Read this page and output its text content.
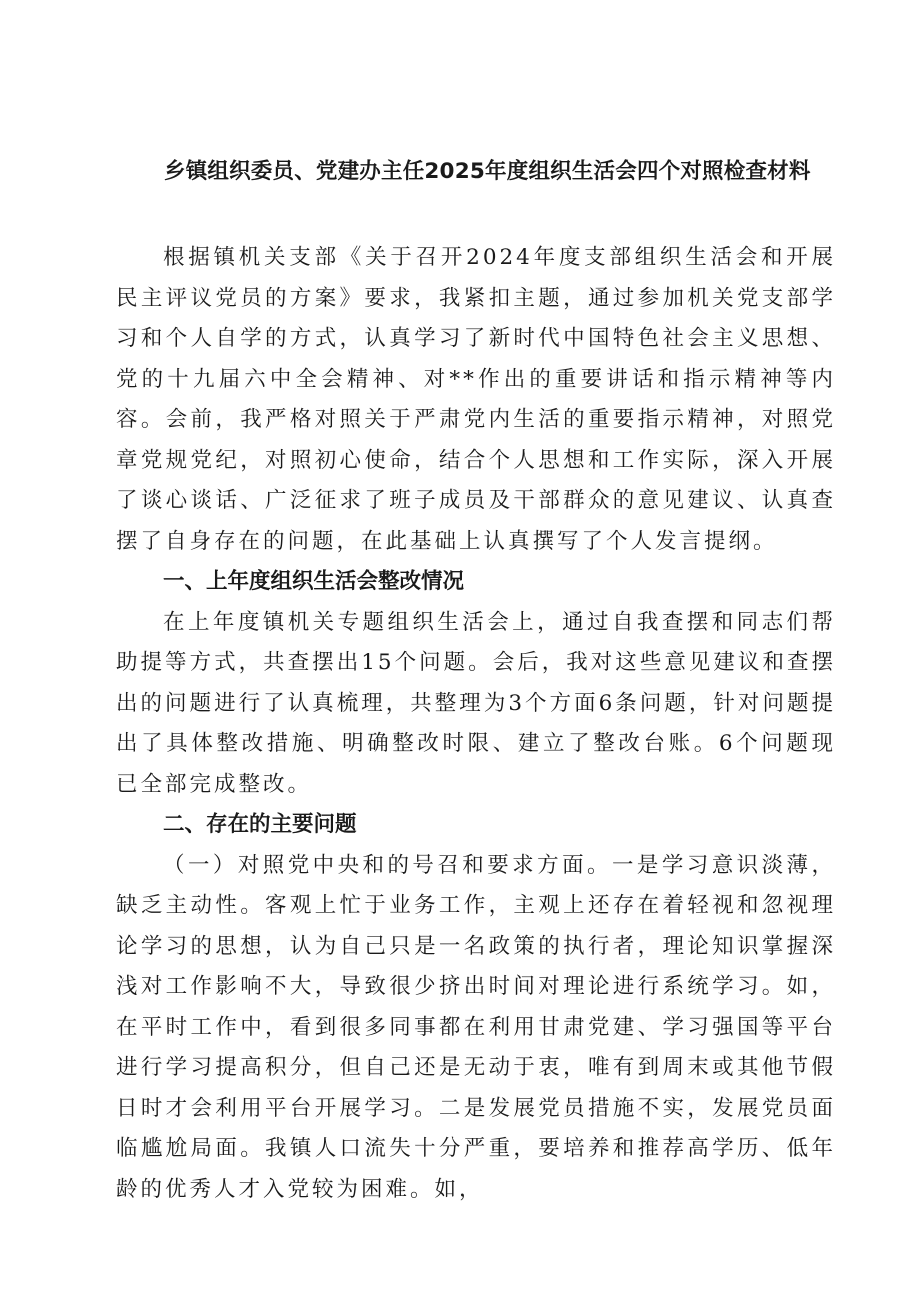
乡镇组织委员、党建办主任2025年度组织生活会四个对照检查材料

根据镇机关支部《关于召开2024年度支部组织生活会和开展民主评议党员的方案》要求，我紧扣主题，通过参加机关党支部学习和个人自学的方式，认真学习了新时代中国特色社会主义思想、党的十九届六中全会精神、对**作出的重要讲话和指示精神等内容。会前，我严格对照关于严肃党内生活的重要指示精神，对照党章党规党纪，对照初心使命，结合个人思想和工作实际，深入开展了谈心谈话、广泛征求了班子成员及干部群众的意见建议、认真查摆了自身存在的问题，在此基础上认真撰写了个人发言提纲。

一、上年度组织生活会整改情况

在上年度镇机关专题组织生活会上，通过自我查摆和同志们帮助提等方式，共查摆出15个问题。会后，我对这些意见建议和查摆出的问题进行了认真梳理，共整理为3个方面6条问题，针对问题提出了具体整改措施、明确整改时限、建立了整改台账。6个问题现已全部完成整改。

二、存在的主要问题

（一）对照党中央和的号召和要求方面。一是学习意识淡薄，缺乏主动性。客观上忙于业务工作，主观上还存在着轻视和忽视理论学习的思想，认为自己只是一名政策的执行者，理论知识掌握深浅对工作影响不大，导致很少挤出时间对理论进行系统学习。如，在平时工作中，看到很多同事都在利用甘肃党建、学习强国等平台进行学习提高积分，但自己还是无动于衷，唯有到周末或其他节假日时才会利用平台开展学习。二是发展党员措施不实，发展党员面临尴尬局面。我镇人口流失十分严重，要培养和推荐高学历、低年龄的优秀人才入党较为困难。如，
